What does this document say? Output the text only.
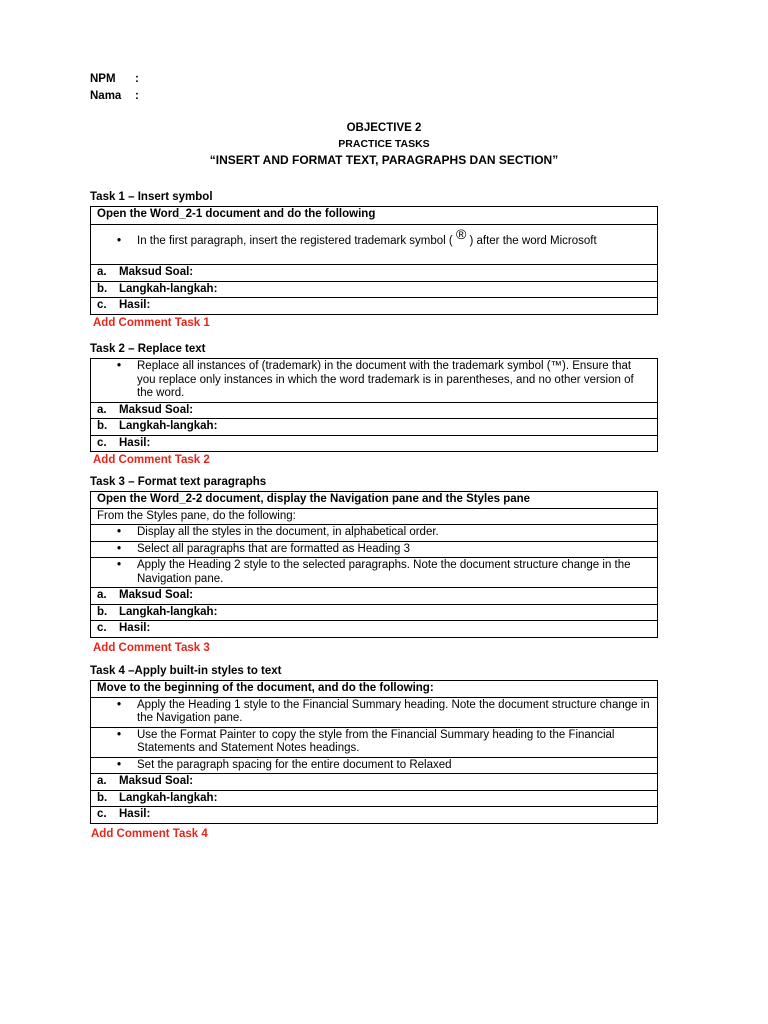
NPM :
Nama :
OBJECTIVE 2
PRACTICE TASKS
“INSERT AND FORMAT TEXT, PARAGRAPHS DAN SECTION”
Task 1 – Insert symbol
Open the Word_2-1 document and do the following

• In the first paragraph, insert the registered trademark symbol ( ® ) after the word Microsoft

a. Maksud Soal:
b. Langkah-langkah:
c. Hasil:
Add Comment Task 1
Task 2 – Replace text
• Replace all instances of (trademark) in the document with the trademark symbol (™). Ensure that you replace only instances in which the word trademark is in parentheses, and no other version of the word.
a. Maksud Soal:
b. Langkah-langkah:
c. Hasil:
Add Comment Task 2
Task 3 – Format text paragraphs
Open the Word_2-2 document, display the Navigation pane and the Styles pane
From the Styles pane, do the following:

• Display all the styles in the document, in alphabetical order.

• Select all paragraphs that are formatted as Heading 3

• Apply the Heading 2 style to the selected paragraphs. Note the document structure change in the Navigation pane.
a. Maksud Soal:
b. Langkah-langkah:
c. Hasil:
Add Comment Task 3
Task 4 –Apply built-in styles to text
Move to the beginning of the document, and do the following:

• Apply the Heading 1 style to the Financial Summary heading. Note the document structure change in the Navigation pane.

• Use the Format Painter to copy the style from the Financial Summary heading to the Financial Statements and Statement Notes headings.

• Set the paragraph spacing for the entire document to Relaxed
a. Maksud Soal:
b. Langkah-langkah:
c. Hasil:
Add Comment Task 4
